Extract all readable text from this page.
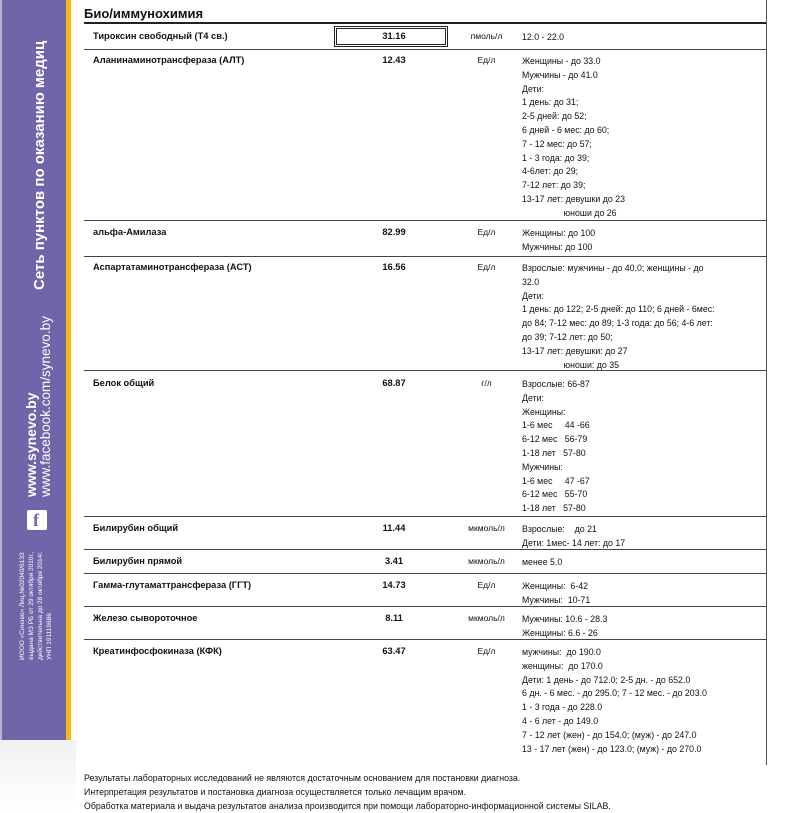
Сеть пунктов по оказанию медиц
www.synevo.by www.facebook.com/synevo.by
f
ИООО «Синэво» Лиц.№02040/6133 выдана МЗ РБ от 29 октября 2010г., действительна до 28 октября 2014г. УНП 191119686
Био/иммунохимия
Тироксин свободный (Т4 св.)	31.16	пмоль/л	12.0 - 22.0
Аланинаминотрансфераза (АЛТ)	12.43	Ед/л	Женщины - до 33.0
Мужчины - до 41.0
Дети:
1 день: до 31;
2-5 дней: до 52;
6 дней - 6 мес: до 60;
7 - 12 мес: до 57;
1 - 3 года: до 39;
4-6лет: до 29;
7-12 лет: до 39;
13-17 лет: девушки до 23
юноши до 26
альфа-Амилаза	82.99	Ед/л	Женщины: до 100
Мужчины: до 100
Аспартатаминотрансфераза (АСТ)	16.56	Ед/л	Взрослые: мужчины - до 40.0; женщины - до
32.0
Дети:
1 день: до 122; 2-5 дней: до 110; 6 дней - 6мес:
до 84; 7-12 мес: до 89; 1-3 года: до 56; 4-6 лет:
до 39; 7-12 лет: до 50;
13-17 лет: девушки: до 27
юноши: до 35
Белок общий	68.87	г/л	Взрослые: 66-87
Дети:
Женщины:
1-6 мес     44 -66
6-12 мес   56-79
1-18 лет   57-80
Мужчины:
1-6 мес     47 -67
6-12 мес   55-70
1-18 лет   57-80
Билирубин общий	11.44	мкмоль/л	Взрослые:    до 21
Дети: 1мес- 14 лет: до 17
Билирубин прямой	3.41	мкмоль/л	менее 5.0
Гамма-глутаматтрансфераза (ГГТ)	14.73	Ед/л	Женщины:  6-42
Мужчины:  10-71
Железо сывороточное	8.11	мкмоль/л	Мужчины: 10.6 - 28.3
Женщины: 6.6 - 26
Креатинфосфокиназа (КФК)	63.47	Ед/л	мужчины:  до 190.0
женщины:  до 170.0
Дети: 1 день - до 712.0; 2-5 дн. - до 652.0
6 дн. - 6 мес. - до 295.0; 7 - 12 мес. - до 203.0
1 - 3 года - до 228.0
4 - 6 лет - до 149.0
7 - 12 лет (жен) - до 154.0; (муж) - до 247.0
13 - 17 лет (жен) - до 123.0; (муж) - до 270.0
Результаты лабораторных исследований не являются достаточным основанием для постановки диагноза.
Интерпретация результатов и постановка диагноза осуществляется только лечащим врачом.
Обработка материала и выдача результатов анализа производится при помощи лабораторно-информационной системы SILAB.
